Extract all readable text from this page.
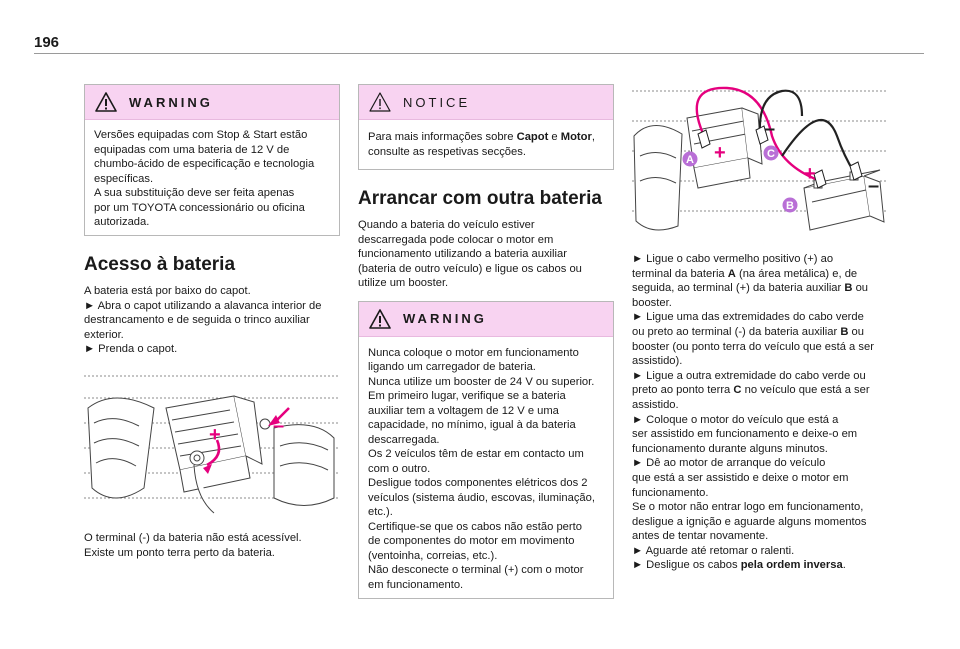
196
WARNING
Versões equipadas com Stop & Start estão
equipadas com uma bateria de 12 V de
chumbo-ácido de especificação e tecnologia
específicas.
A sua substituição deve ser feita apenas
por um TOYOTA concessionário ou oficina
autorizada.
Acesso à bateria
A bateria está por baixo do capot.
► Abra o capot utilizando a alavanca interior de
destrancamento e de seguida o trinco auxiliar
exterior.
► Prenda o capot.
+	–
O terminal (-) da bateria não está acessível.
Existe um ponto terra perto da bateria.
NOTICE
Para mais informações sobre Capot e Motor,
consulte as respetivas secções.
Arrancar com outra bateria
Quando a bateria do veículo estiver
descarregada pode colocar o motor em
funcionamento utilizando a bateria auxiliar
(bateria de outro veículo) e ligue os cabos ou
utilize um booster.
WARNING
Nunca coloque o motor em funcionamento
ligando um carregador de bateria.
Nunca utilize um booster de 24 V ou superior.
Em primeiro lugar, verifique se a bateria
auxiliar tem a voltagem de 12 V e uma
capacidade, no mínimo, igual à da bateria
descarregada.
Os 2 veículos têm de estar em contacto um
com o outro.
Desligue todos componentes elétricos dos 2
veículos (sistema áudio, escovas, iluminação,
etc.).
Certifique-se que os cabos não estão perto
de componentes do motor em movimento
(ventoinha, correias, etc.).
Não desconecte o terminal (+) com o motor
em funcionamento.
+
–
+
–
A	C
B
► Ligue o cabo vermelho positivo (+) ao
terminal da bateria A (na área metálica) e, de
seguida, ao terminal (+) da bateria auxiliar B ou
booster.
► Ligue uma das extremidades do cabo verde
ou preto ao terminal (-) da bateria auxiliar B ou
booster (ou ponto terra do veículo que está a ser
assistido).
► Ligue a outra extremidade do cabo verde ou
preto ao ponto terra C no veículo que está a ser
assistido.
► Coloque o motor do veículo que está a
ser assistido em funcionamento e deixe-o em
funcionamento durante alguns minutos.
► Dê ao motor de arranque do veículo
que está a ser assistido e deixe o motor em
funcionamento.
Se o motor não entrar logo em funcionamento,
desligue a ignição e aguarde alguns momentos
antes de tentar novamente.
► Aguarde até retomar o ralenti.
► Desligue os cabos pela ordem inversa.
